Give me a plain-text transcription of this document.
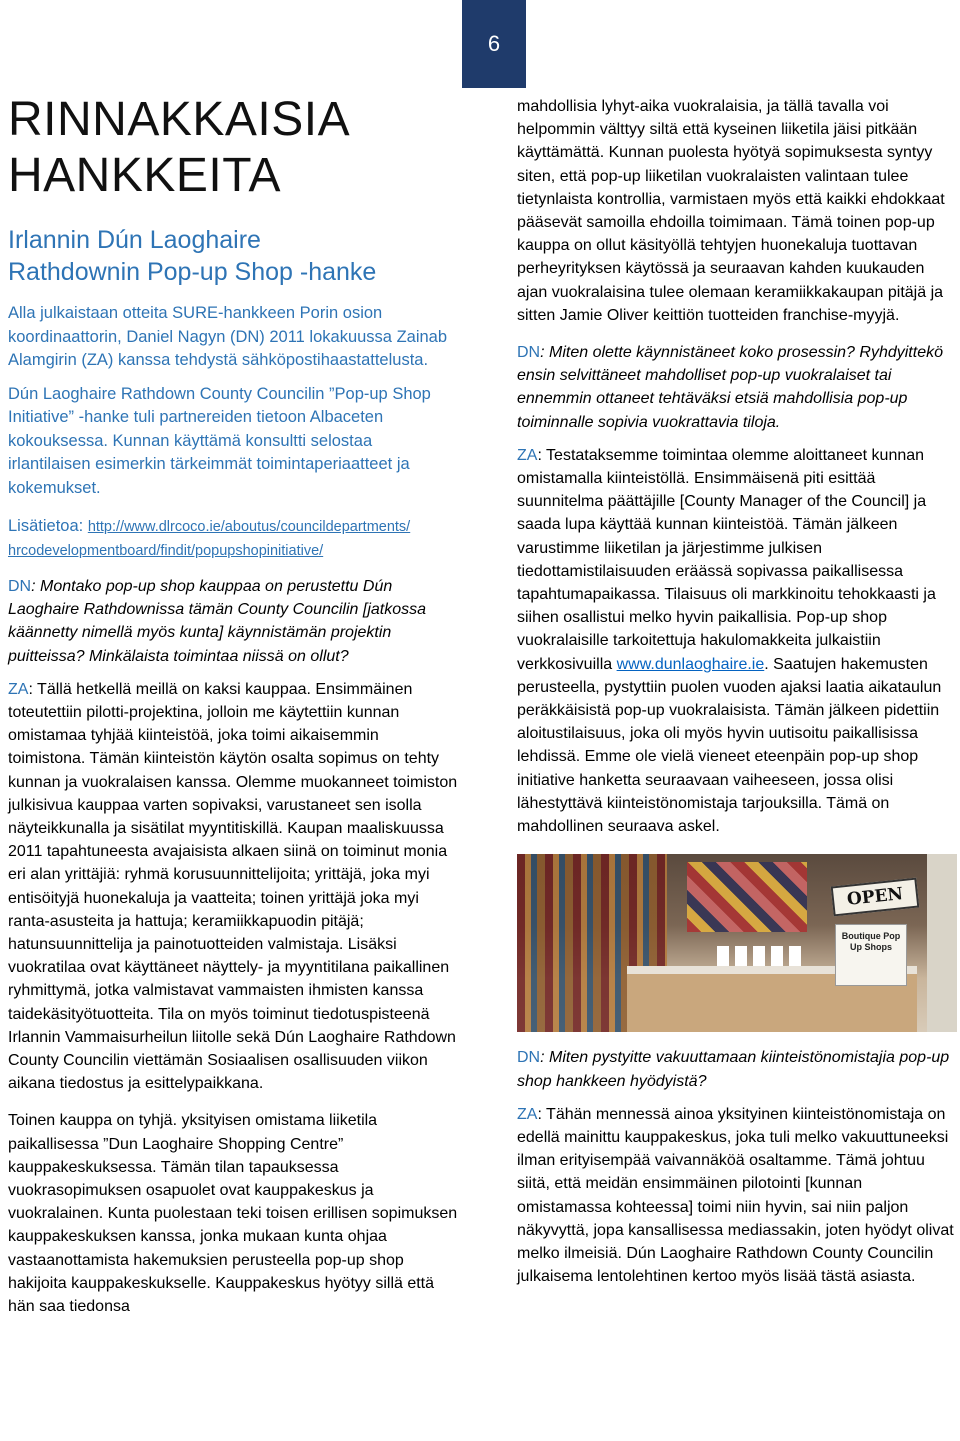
6
RINNAKKAISIA
HANKKEITA
Irlannin Dún Laoghaire
Rathdownin Pop-up Shop -hanke

Alla julkaistaan otteita SURE-hankkeen Porin osion koordinaattorin, Daniel Nagyn (DN) 2011 lokakuussa Zainab Alamgirin (ZA) kanssa tehdystä sähköpostihaastattelusta.

Dún Laoghaire Rathdown County Councilin ”Pop-up Shop Initiative” -hanke tuli partnereiden tietoon Albaceten kokouksessa. Kunnan käyttämä konsultti selostaa irlantilaisen esimerkin tärkeimmät toimintaperiaatteet ja kokemukset.

Lisätietoa: http://www.dlrcoco.ie/aboutus/councildepartments/
hrcodevelopmentboard/findit/popupshopinitiative/

DN: Montako pop-up shop kauppaa on perustettu Dún Laoghaire Rathdownissa tämän County Councilin [jatkossa käännetty nimellä myös kunta] käynnistämän projektin puitteissa? Minkälaista toimintaa niissä on ollut?

ZA: Tällä hetkellä meillä on kaksi kauppaa. Ensimmäinen toteutettiin pilotti-projektina, jolloin me käytettiin kunnan omistamaa tyhjää kiinteistöä, joka toimi aikaisemmin toimistona. Tämän kiinteistön käytön osalta sopimus on tehty kunnan ja vuokralaisen kanssa. Olemme muokanneet toimiston julkisivua kauppaa varten sopivaksi, varustaneet sen isolla näyteikkunalla ja sisätilat myyntitiskillä. Kaupan maaliskuussa 2011 tapahtuneesta avajaisista alkaen siinä on toiminut monia eri alan yrittäjiä: ryhmä korusuunnittelijoita; yrittäjä, joka myi entisöityjä huonekaluja ja vaatteita; toinen yrittäjä joka myi ranta-asusteita ja hattuja; keramiikkapuodin pitäjä; hatunsuunnittelija ja painotuotteiden valmistaja. Lisäksi vuokratilaa ovat käyttäneet näyttely- ja myyntitilana paikallinen ryhmittymä, jotka valmistavat vammaisten ihmisten kanssa taidekäsityötuotteita. Tila on myös toiminut tiedotuspisteenä Irlannin Vammaisurheilun liitolle sekä Dún Laoghaire Rathdown County Councilin viettämän Sosiaalisen osallisuuden viikon aikana tiedostus ja esittelypaikkana.

Toinen kauppa on tyhjä. yksityisen omistama liiketila paikallisessa ”Dun Laoghaire Shopping Centre” kauppakeskuksessa. Tämän tilan tapauksessa vuokrasopimuksen osapuolet ovat kauppakeskus ja vuokralainen. Kunta puolestaan teki toisen erillisen sopimuksen kauppakeskuksen kanssa, jonka mukaan kunta ohjaa vastaanottamista hakemuksien perusteella pop-up shop hakijoita kauppakeskukselle. Kauppakeskus hyötyy sillä että hän saa tiedonsa

mahdollisia lyhyt-aika vuokralaisia, ja tällä tavalla voi helpommin välttyy siltä että kyseinen liiketila jäisi pitkään käyttämättä. Kunnan puolesta hyötyä sopimuksesta syntyy siten, että pop-up liiketilan vuokralaisten valintaan tulee tietynlaista kontrollia, varmistaen myös että kaikki ehdokkaat pääsevät samoilla ehdoilla toimimaan. Tämä toinen pop-up kauppa on ollut käsityöllä tehtyjen huonekaluja tuottavan perheyrityksen käytössä ja seuraavan kahden kuukauden ajan vuokralaisina tulee olemaan keramiikkakaupan pitäjä ja sitten Jamie Oliver keittiön tuotteiden franchise-myyjä.

DN: Miten olette käynnistäneet koko prosessin? Ryhdyittekö ensin selvittäneet mahdolliset pop-up vuokralaiset tai ennemmin ottaneet tehtäväksi etsiä mahdollisia pop-up toiminnalle sopivia vuokrattavia tiloja.

ZA: Testataksemme toimintaa olemme aloittaneet kunnan omistamalla kiinteistöllä. Ensimmäisenä piti esittää suunnitelma päättäjille [County Manager of the Council] ja saada lupa käyttää kunnan kiinteistöä. Tämän jälkeen varustimme liiketilan ja järjestimme julkisen tiedottamistilaisuuden eräässä sopivassa paikallisessa tapahtumapaikassa. Tilaisuus oli markkinoitu tehokkaasti ja siihen osallistui melko hyvin paikallisia. Pop-up shop vuokralaisille tarkoitettuja hakulomakkeita julkaistiin verkkosivuilla www.dunlaoghaire.ie. Saatujen hakemusten perusteella, pystyttiin puolen vuoden ajaksi laatia aikataulun peräkkäisistä pop-up vuokralaisista. Tämän jälkeen pidettiin aloitustilaisuus, joka oli myös hyvin uutisoitu paikallisissa lehdissä. Emme ole vielä vieneet eteenpäin pop-up shop initiative hanketta seuraavaan vaiheeseen, jossa olisi lähestyttävä kiinteistönomistaja tarjouksilla. Tämä on mahdollinen seuraava askel.

OPEN
Boutique Pop Up Shops

DN: Miten pystyitte vakuuttamaan kiinteistönomistajia pop-up shop hankkeen hyödyistä?

ZA: Tähän mennessä ainoa yksityinen kiinteistönomistaja on edellä mainittu kauppakeskus, joka tuli melko vakuuttuneeksi ilman erityisempää vaivannäköä osaltamme. Tämä johtuu siitä, että meidän ensimmäinen pilotointi [kunnan omistamassa kohteessa] toimi niin hyvin, sai niin paljon näkyvyttä, jopa kansallisessa mediassakin, joten hyödyt olivat melko ilmeisiä. Dún Laoghaire Rathdown County Councilin julkaisema lentolehtinen kertoo myös lisää tästä asiasta.
